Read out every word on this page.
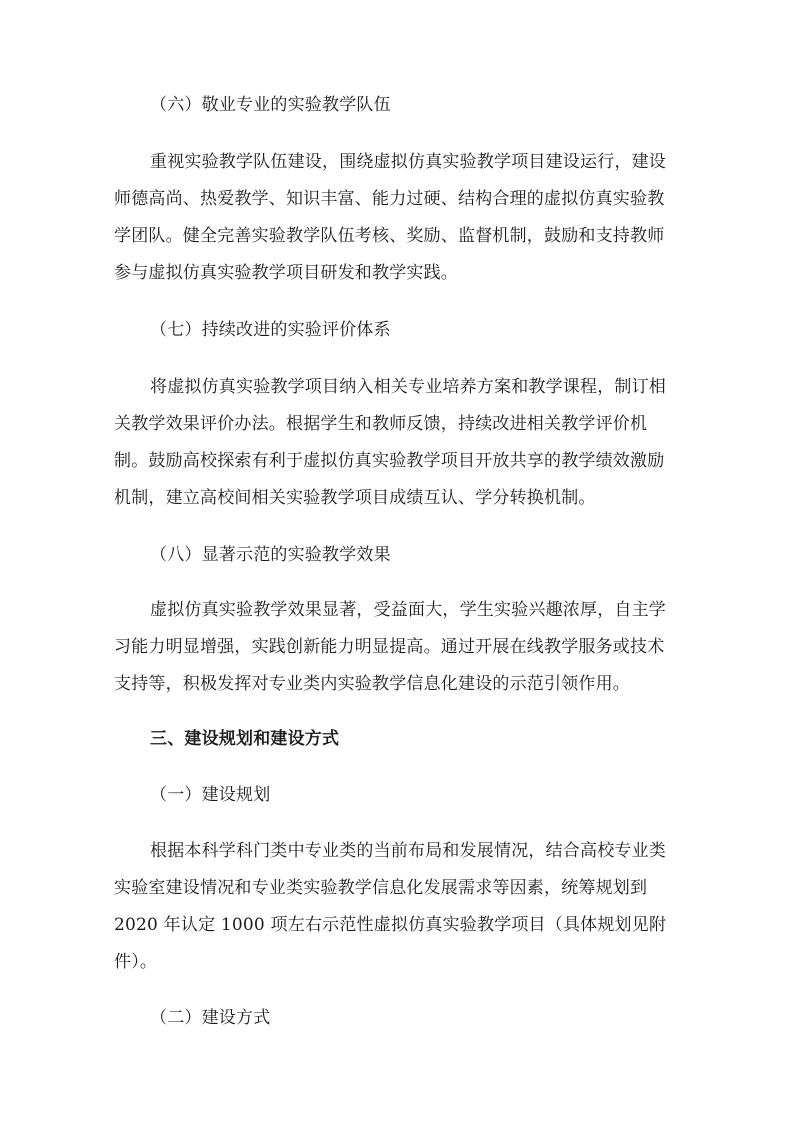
（六）敬业专业的实验教学队伍
重视实验教学队伍建设，围绕虚拟仿真实验教学项目建设运行，建设
师德高尚、热爱教学、知识丰富、能力过硬、结构合理的虚拟仿真实验教
学团队。健全完善实验教学队伍考核、奖励、监督机制，鼓励和支持教师
参与虚拟仿真实验教学项目研发和教学实践。
（七）持续改进的实验评价体系
将虚拟仿真实验教学项目纳入相关专业培养方案和教学课程，制订相
关教学效果评价办法。根据学生和教师反馈，持续改进相关教学评价机
制。鼓励高校探索有利于虚拟仿真实验教学项目开放共享的教学绩效激励
机制，建立高校间相关实验教学项目成绩互认、学分转换机制。
（八）显著示范的实验教学效果
虚拟仿真实验教学效果显著，受益面大，学生实验兴趣浓厚，自主学
习能力明显增强，实践创新能力明显提高。通过开展在线教学服务或技术
支持等，积极发挥对专业类内实验教学信息化建设的示范引领作用。
三、建设规划和建设方式
（一）建设规划
根据本科学科门类中专业类的当前布局和发展情况，结合高校专业类
实验室建设情况和专业类实验教学信息化发展需求等因素，统筹规划到
2020 年认定 1000 项左右示范性虚拟仿真实验教学项目（具体规划见附
件）。
（二）建设方式
